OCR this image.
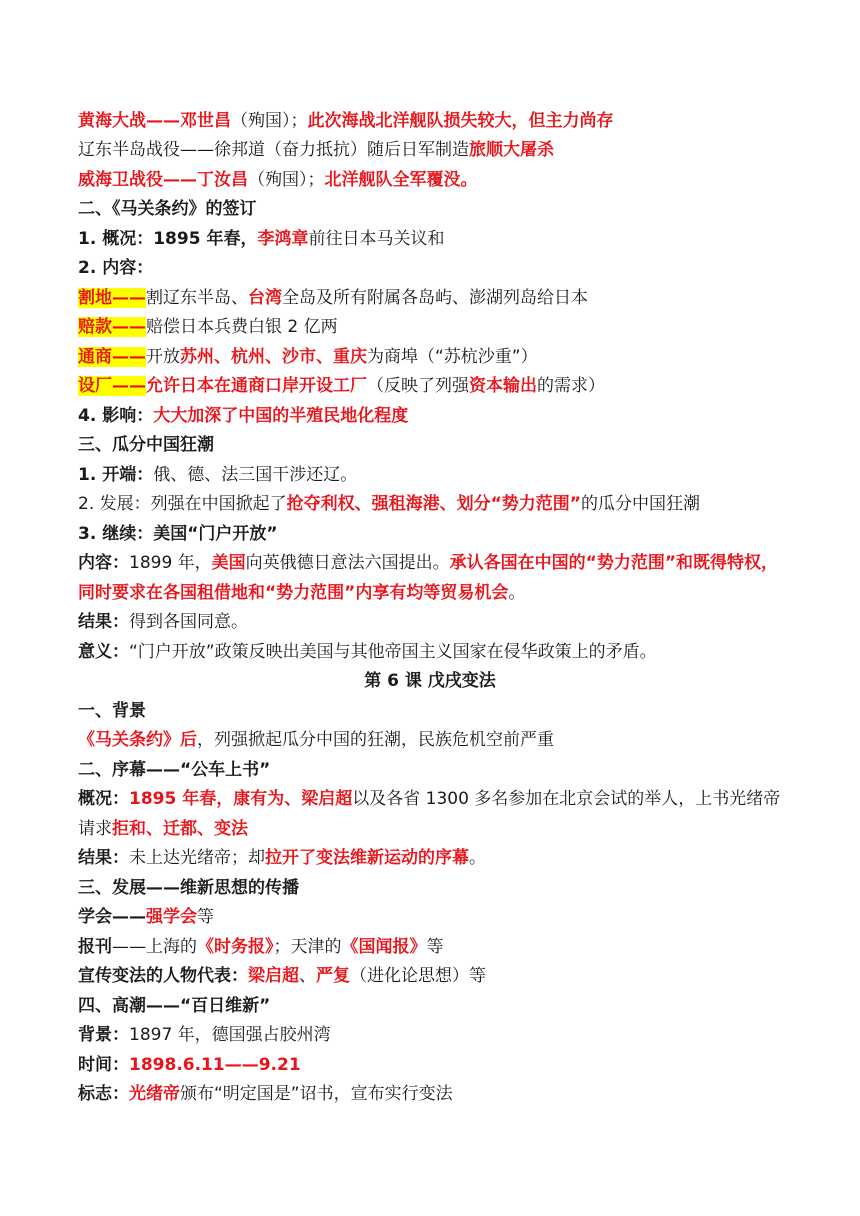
黄海大战——邓世昌（殉国）；此次海战北洋舰队损失较大，但主力尚存
辽东半岛战役——徐邦道（奋力抵抗）随后日军制造旅顺大屠杀
威海卫战役——丁汝昌（殉国）；北洋舰队全军覆没。
二、《马关条约》的签订
1. 概况：1895 年春，李鸿章前往日本马关议和
2. 内容：
割地——割辽东半岛、台湾全岛及所有附属各岛屿、澎湖列岛给日本
赔款——赔偿日本兵费白银 2 亿两
通商——开放苏州、杭州、沙市、重庆为商埠（“苏杭沙重”）
设厂——允许日本在通商口岸开设工厂（反映了列强资本输出的需求）
4. 影响：大大加深了中国的半殖民地化程度
三、瓜分中国狂潮
1. 开端：俄、德、法三国干涉还辽。
2. 发展：列强在中国掀起了抢夺利权、强租海港、划分“势力范围”的瓜分中国狂潮
3. 继续：美国“门户开放”
内容：1899 年，美国向英俄德日意法六国提出。承认各国在中国的“势力范围”和既得特权，同时要求在各国租借地和“势力范围”内享有均等贸易机会。
结果：得到各国同意。
意义：“门户开放”政策反映出美国与其他帝国主义国家在侵华政策上的矛盾。
第 6 课 戊戌变法
一、背景
《马关条约》后，列强掀起瓜分中国的狂潮，民族危机空前严重
二、序幕——“公车上书”
概况：1895 年春，康有为、梁启超以及各省 1300 多名参加在北京会试的举人，上书光绪帝请求拒和、迁都、变法
结果：未上达光绪帝；却拉开了变法维新运动的序幕。
三、发展——维新思想的传播
学会——强学会等
报刊——上海的《时务报》；天津的《国闻报》等
宣传变法的人物代表：梁启超、严复（进化论思想）等
四、高潮——“百日维新”
背景：1897 年，德国强占胶州湾
时间：1898.6.11——9.21
标志：光绪帝颁布“明定国是”诏书，宣布实行变法
